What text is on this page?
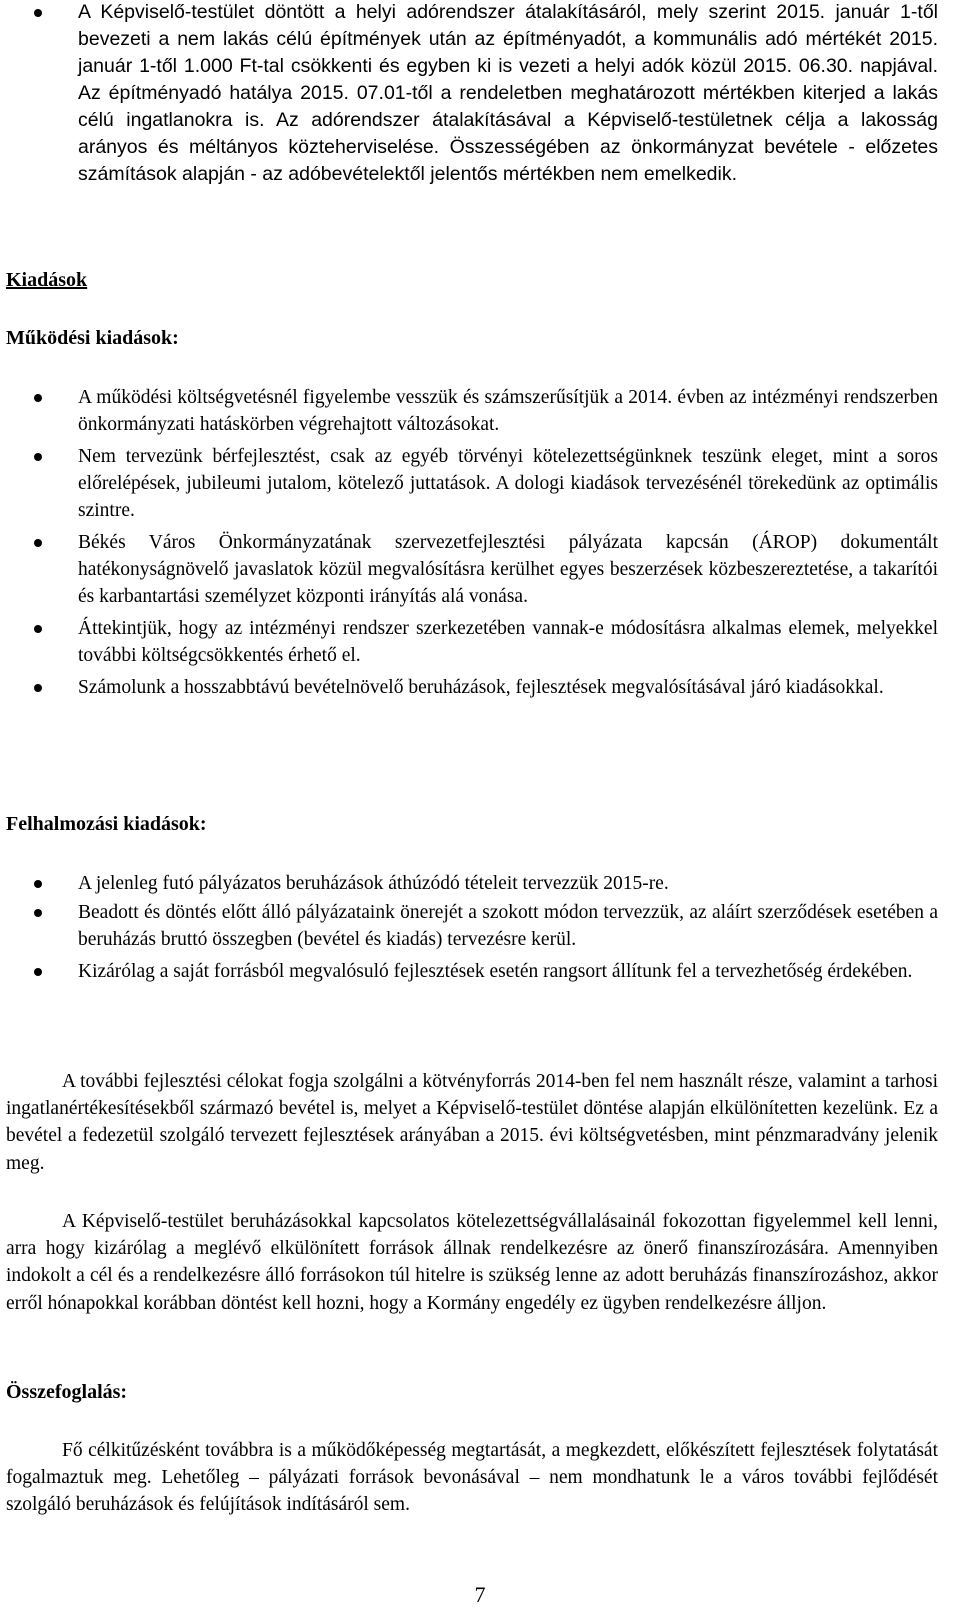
A Képviselő-testület döntött a helyi adórendszer átalakításáról, mely szerint 2015. január 1-től bevezeti a nem lakás célú építmények után az építményadót, a kommunális adó mértékét 2015. január 1-től 1.000 Ft-tal csökkenti és egyben ki is vezeti a helyi adók közül 2015. 06.30. napjával. Az építményadó hatálya 2015. 07.01-től a rendeletben meghatározott mértékben kiterjed a lakás célú ingatlanokra is. Az adórendszer átalakításával a Képviselő-testületnek célja a lakosság arányos és méltányos közteherviselése. Összességében az önkormányzat bevétele - előzetes számítások alapján - az adóbevételektől jelentős mértékben nem emelkedik.
Kiadások
Működési kiadások:
A működési költségvetésnél figyelembe vesszük és számszerűsítjük a 2014. évben az intézményi rendszerben önkormányzati hatáskörben végrehajtott változásokat.
Nem tervezünk bérfejlesztést, csak az egyéb törvényi kötelezettségünknek teszünk eleget, mint a soros előrelépések, jubileumi jutalom, kötelező juttatások. A dologi kiadások tervezésénél törekedünk az optimális szintre.
Békés Város Önkormányzatának szervezetfejlesztési pályázata kapcsán (ÁROP) dokumentált hatékonyságnövelő javaslatok közül megvalósításra kerülhet egyes beszerzések közbeszereztetése, a takarítói és karbantartási személyzet központi irányítás alá vonása.
Áttekintjük, hogy az intézményi rendszer szerkezetében vannak-e módosításra alkalmas elemek, melyekkel további költségcsökkentés érhető el.
Számolunk a hosszabbtávú bevételnövelő beruházások, fejlesztések megvalósításával járó kiadásokkal.
Felhalmozási kiadások:
A jelenleg futó pályázatos beruházások áthúzódó tételeit tervezzük 2015-re.
Beadott és döntés előtt álló pályázataink önerejét a szokott módon tervezzük, az aláírt szerződések esetében a beruházás bruttó összegben (bevétel és kiadás) tervezésre kerül.
Kizárólag a saját forrásból megvalósuló fejlesztések esetén rangsort állítunk fel a tervezhetőség érdekében.

A további fejlesztési célokat fogja szolgálni a kötvényforrás 2014-ben fel nem használt része, valamint a tarhosi ingatlanértékesítésekből származó bevétel is, melyet a Képviselő-testület döntése alapján elkülönítetten kezelünk. Ez a bevétel a fedezetül szolgáló tervezett fejlesztések arányában a 2015. évi költségvetésben, mint pénzmaradvány jelenik meg.

A Képviselő-testület beruházásokkal kapcsolatos kötelezettségvállalásainál fokozottan figyelemmel kell lenni, arra hogy kizárólag a meglévő elkülönített források állnak rendelkezésre az önerő finanszírozására. Amennyiben indokolt a cél és a rendelkezésre álló forrásokon túl hitelre is szükség lenne az adott beruházás finanszírozáshoz, akkor erről hónapokkal korábban döntést kell hozni, hogy a Kormány engedély ez ügyben rendelkezésre álljon.

Összefoglalás:

Fő célkitűzésként továbbra is a működőképesség megtartását, a megkezdett, előkészített fejlesztések folytatását fogalmaztuk meg. Lehetőleg – pályázati források bevonásával – nem mondhatunk le a város további fejlődését szolgáló beruházások és felújítások indításáról sem.

7
